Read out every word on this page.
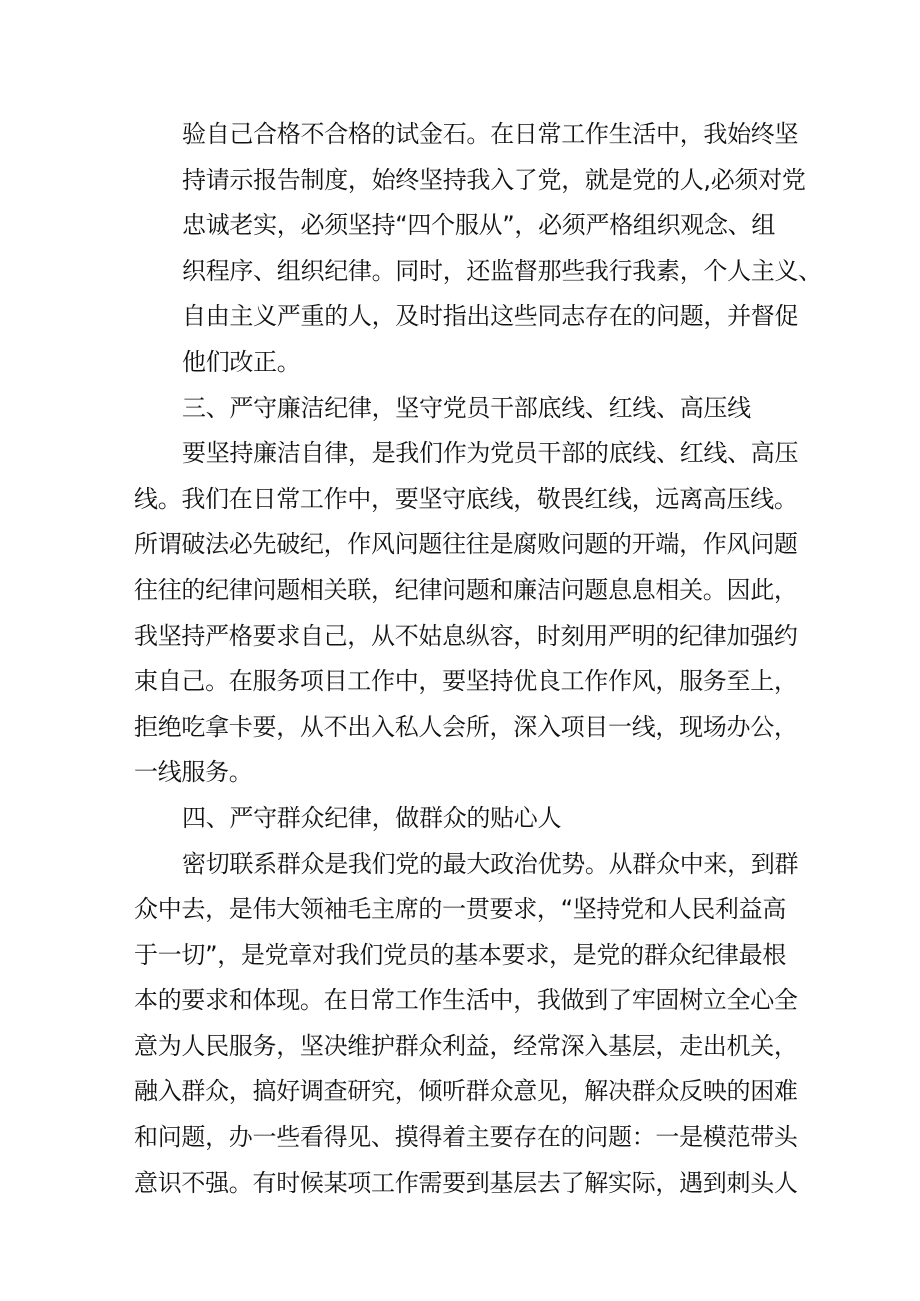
验自己合格不合格的试金石。在日常工作生活中，我始终坚
持请示报告制度，始终坚持我入了党，就是党的人,必须对党
忠诚老实，必须坚持“四个服从”，必须严格组织观念、组
织程序、组织纪律。同时，还监督那些我行我素，个人主义、
自由主义严重的人，及时指出这些同志存在的问题，并督促
他们改正。
三、严守廉洁纪律，坚守党员干部底线、红线、高压线
要坚持廉洁自律，是我们作为党员干部的底线、红线、高压
线。我们在日常工作中，要坚守底线，敬畏红线，远离高压线。
所谓破法必先破纪，作风问题往往是腐败问题的开端，作风问题
往往的纪律问题相关联，纪律问题和廉洁问题息息相关。因此，
我坚持严格要求自己，从不姑息纵容，时刻用严明的纪律加强约
束自己。在服务项目工作中，要坚持优良工作作风，服务至上，
拒绝吃拿卡要，从不出入私人会所，深入项目一线，现场办公，
一线服务。
四、严守群众纪律，做群众的贴心人
密切联系群众是我们党的最大政治优势。从群众中来，到群
众中去，是伟大领袖毛主席的一贯要求，“坚持党和人民利益高
于一切”，是党章对我们党员的基本要求，是党的群众纪律最根
本的要求和体现。在日常工作生活中，我做到了牢固树立全心全
意为人民服务，坚决维护群众利益，经常深入基层，走出机关，
融入群众，搞好调查研究，倾听群众意见，解决群众反映的困难
和问题，办一些看得见、摸得着主要存在的问题：一是模范带头
意识不强。有时候某项工作需要到基层去了解实际，遇到刺头人
